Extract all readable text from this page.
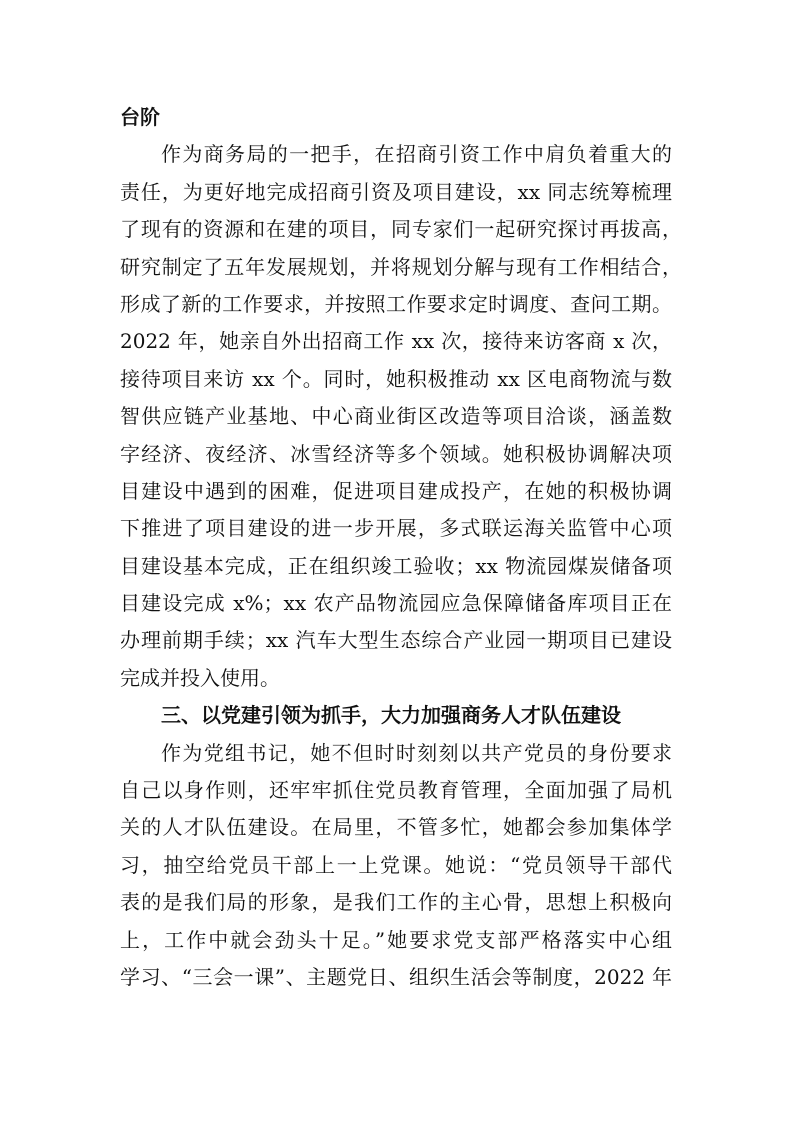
台阶
作为商务局的一把手，在招商引资工作中肩负着重大的
责任，为更好地完成招商引资及项目建设，xx 同志统筹梳理
了现有的资源和在建的项目，同专家们一起研究探讨再拔高，
研究制定了五年发展规划，并将规划分解与现有工作相结合，
形成了新的工作要求，并按照工作要求定时调度、查问工期。
2022 年，她亲自外出招商工作 xx 次，接待来访客商 x 次，
接待项目来访 xx 个。同时，她积极推动 xx 区电商物流与数
智供应链产业基地、中心商业街区改造等项目洽谈，涵盖数
字经济、夜经济、冰雪经济等多个领域。她积极协调解决项
目建设中遇到的困难，促进项目建成投产，在她的积极协调
下推进了项目建设的进一步开展，多式联运海关监管中心项
目建设基本完成，正在组织竣工验收；xx 物流园煤炭储备项
目建设完成 x%；xx 农产品物流园应急保障储备库项目正在
办理前期手续；xx 汽车大型生态综合产业园一期项目已建设
完成并投入使用。
三、以党建引领为抓手，大力加强商务人才队伍建设
作为党组书记，她不但时时刻刻以共产党员的身份要求
自己以身作则，还牢牢抓住党员教育管理，全面加强了局机
关的人才队伍建设。在局里，不管多忙，她都会参加集体学
习，抽空给党员干部上一上党课。她说：“党员领导干部代
表的是我们局的形象，是我们工作的主心骨，思想上积极向
上，工作中就会劲头十足。”她要求党支部严格落实中心组
学习、“三会一课”、主题党日、组织生活会等制度，2022 年
